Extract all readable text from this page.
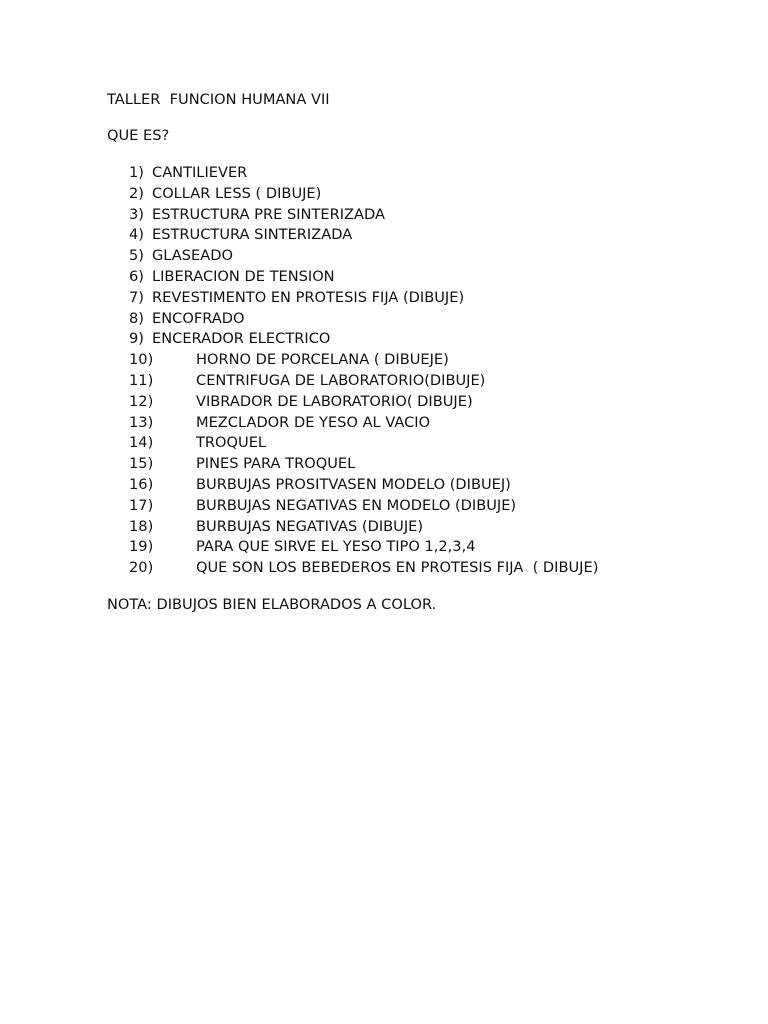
TALLER  FUNCION HUMANA VII
QUE ES?
1) CANTILIEVER
2) COLLAR LESS ( DIBUJE)
3) ESTRUCTURA PRE SINTERIZADA
4) ESTRUCTURA SINTERIZADA
5) GLASEADO
6) LIBERACION DE TENSION
7) REVESTIMENTO EN PROTESIS FIJA (DIBUJE)
8) ENCOFRADO
9) ENCERADOR ELECTRICO
10)	HORNO DE PORCELANA ( DIBUEJE)
11)	CENTRIFUGA DE LABORATORIO(DIBUJE)
12)	VIBRADOR DE LABORATORIO( DIBUJE)
13)	MEZCLADOR DE YESO AL VACIO
14)	TROQUEL
15)	PINES PARA TROQUEL
16)	BURBUJAS PROSITVASEN MODELO (DIBUEJ)
17)	BURBUJAS NEGATIVAS EN MODELO (DIBUJE)
18)	BURBUJAS NEGATIVAS (DIBUJE)
19)	PARA QUE SIRVE EL YESO TIPO 1,2,3,4
20)	QUE SON LOS BEBEDEROS EN PROTESIS FIJA  ( DIBUJE)
NOTA: DIBUJOS BIEN ELABORADOS A COLOR.
